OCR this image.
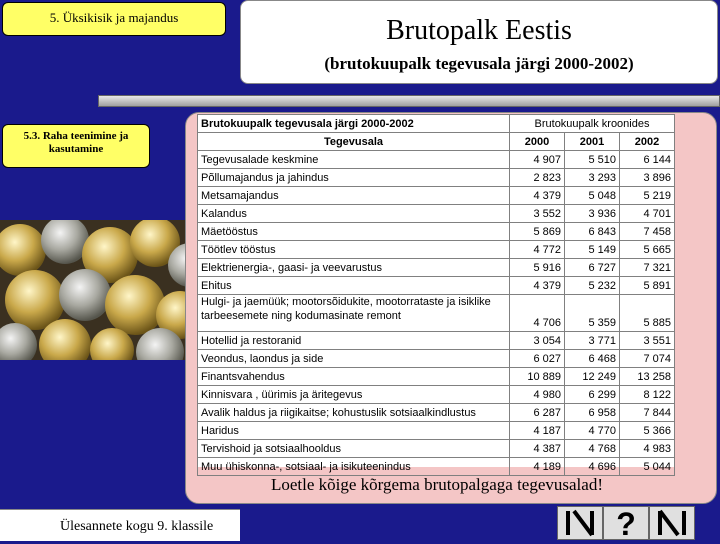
5. Üksikisik ja majandus	Brutopalk Eestis
(brutokuupalk tegevusala järgi 2000-2002)
5.3. Raha teenimine ja kasutamine
Brutokuupalk tegevusala järgi 2000-2002	Brutokuupalk kroonides		
Tegevusala	2000	2001	2002
Tegevusalade keskmine	4 907	5 510	6 144
Põllumajandus ja jahindus	2 823	3 293	3 896
Metsamajandus	4 379	5 048	5 219
Kalandus	3 552	3 936	4 701
Mäetööstus	5 869	6 843	7 458
Töötlev tööstus	4 772	5 149	5 665
Elektrienergia-, gaasi- ja veevarustus	5 916	6 727	7 321
Ehitus	4 379	5 232	5 891
Hulgi- ja jaemüük; mootorsõidukite, mootorrataste ja isiklike tarbeesemete ning kodumasinate remont	4 706	5 359	5 885
Hotellid ja restoranid	3 054	3 771	3 551
Veondus, laondus ja side	6 027	6 468	7 074
Finantsvahendus	10 889	12 249	13 258
Kinnisvara , üürimis ja äritegevus	4 980	6 299	8 122
Avalik haldus ja riigikaitse; kohustuslik sotsiaalkindlustus	6 287	6 958	7 844
Haridus	4 187	4 770	5 366
Tervishoid ja sotsiaalhooldus	4 387	4 768	4 983
Muu ühiskonna-, sotsiaal- ja isikuteenindus	4 189	4 696	5 044
Loetle kõige kõrgema brutopalgaga tegevusalad!
Ülesannete kogu 9. klassile	?
